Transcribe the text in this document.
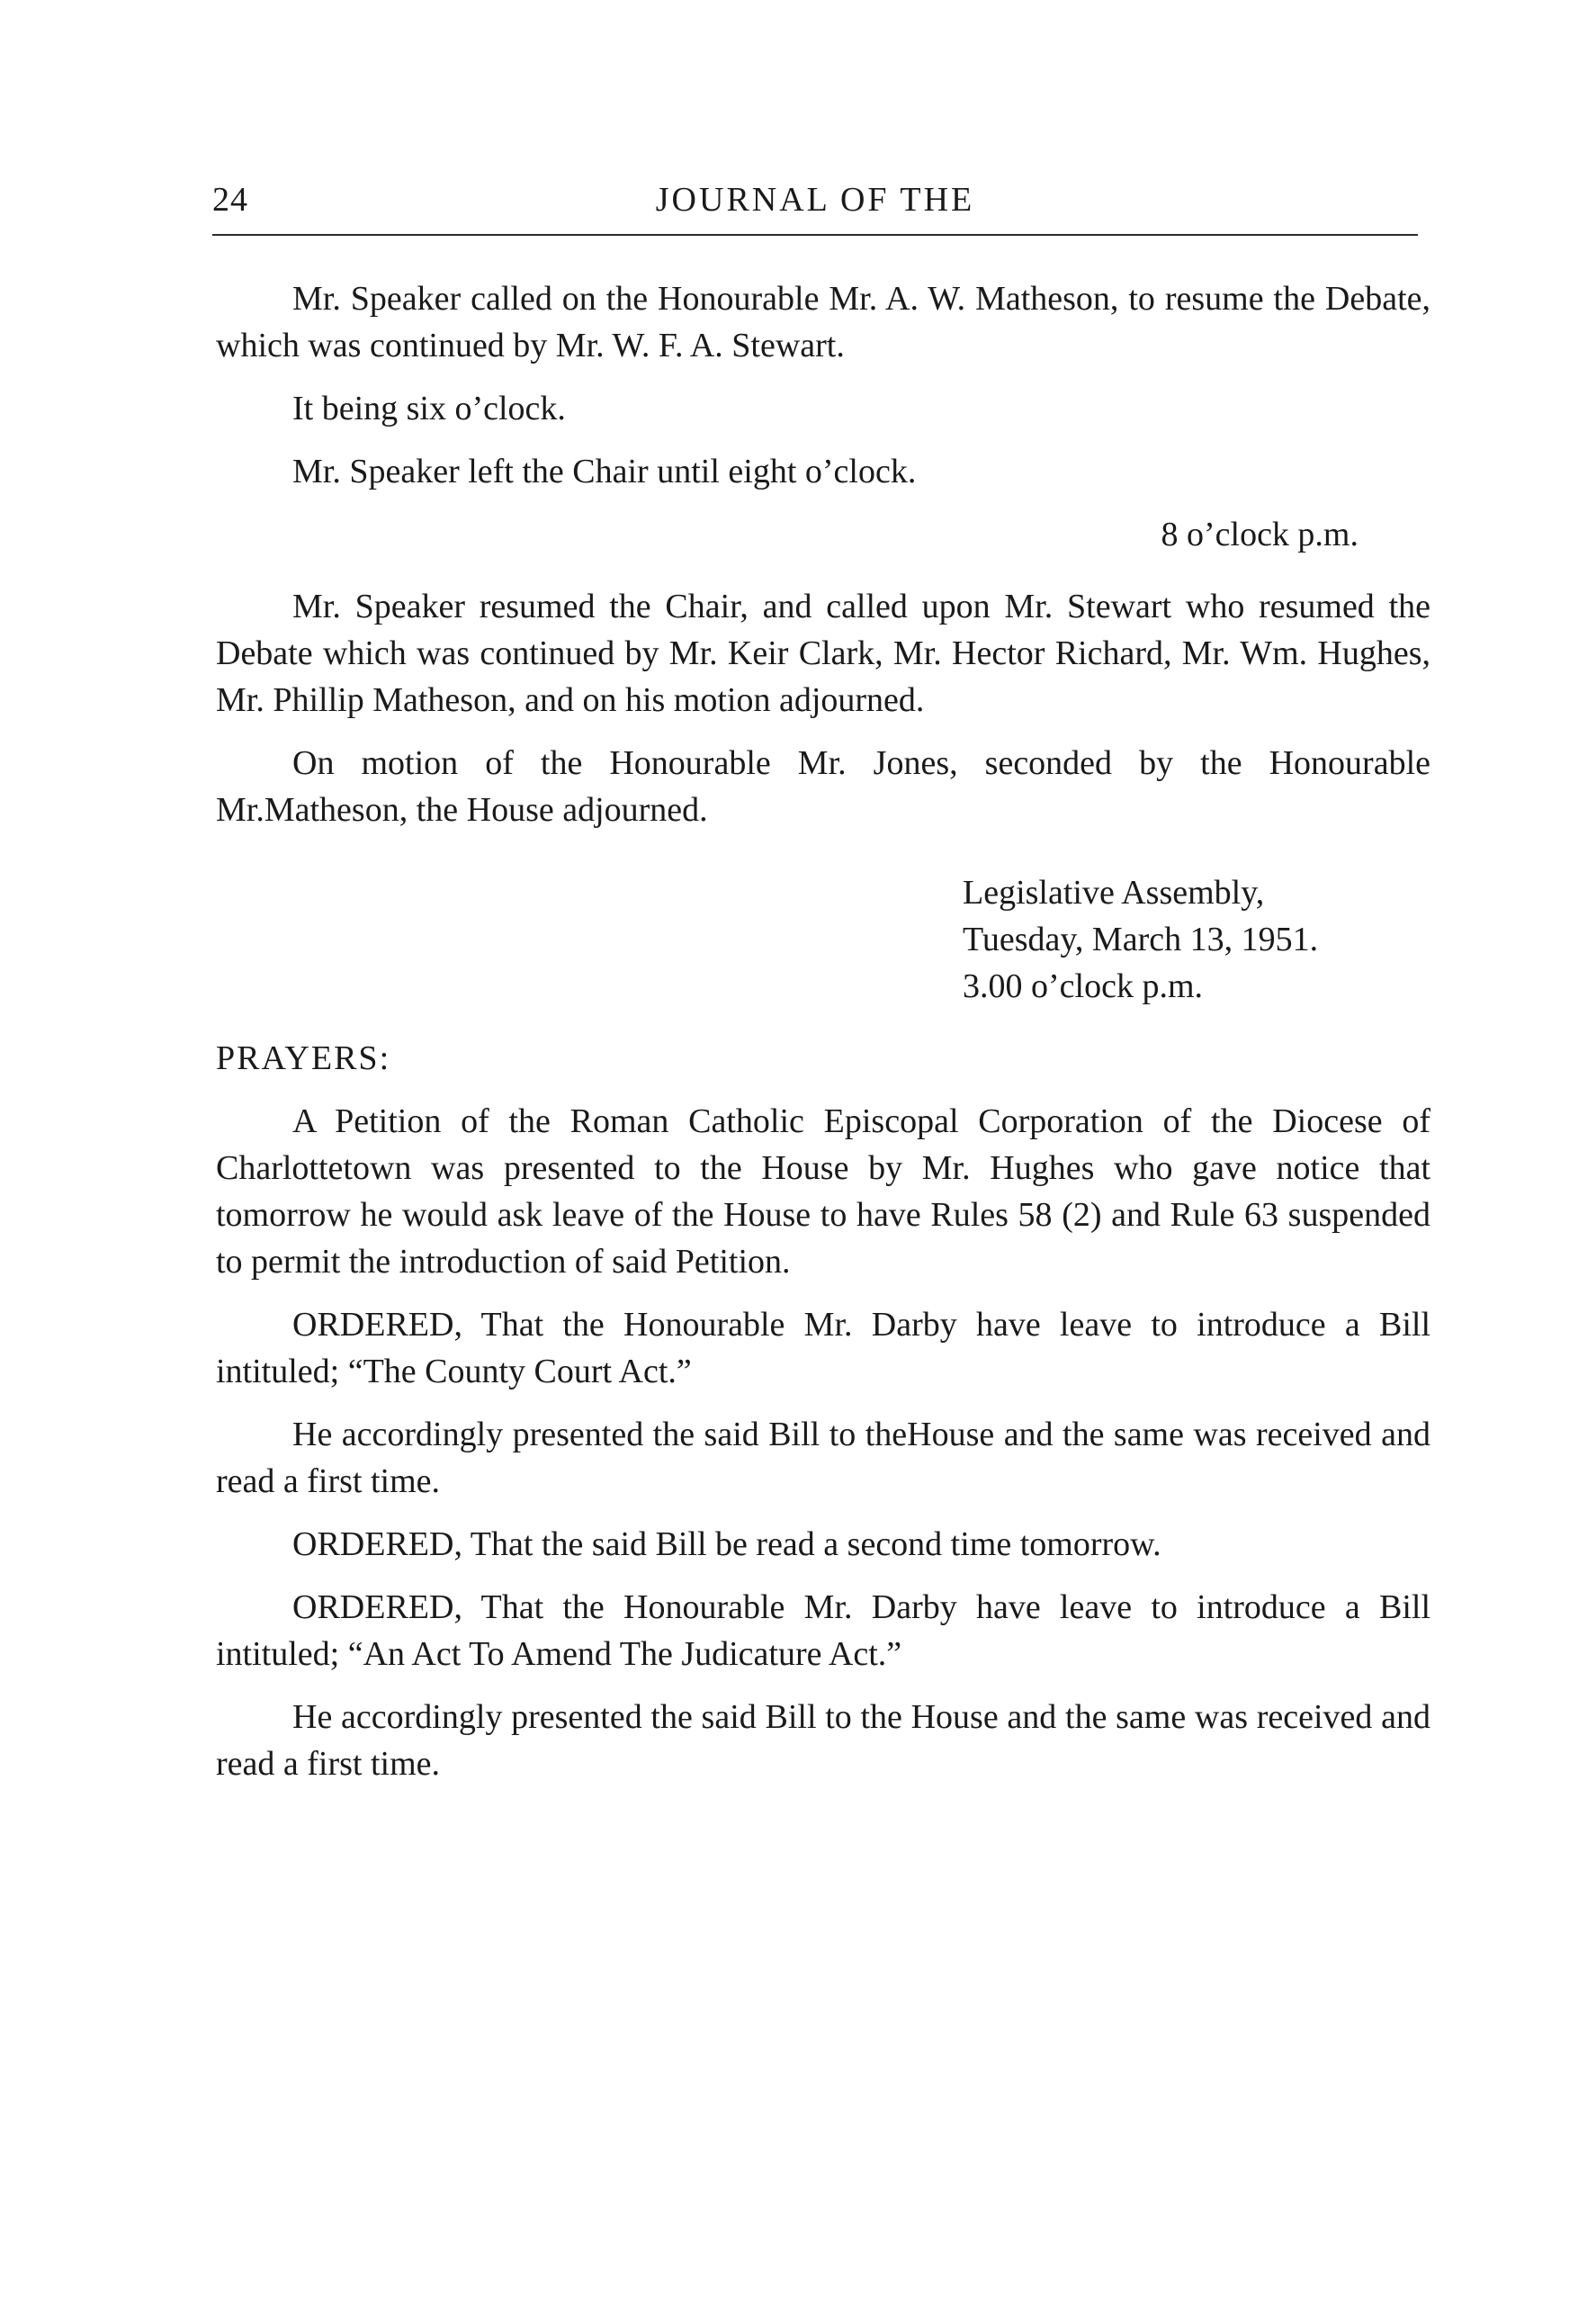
24	JOURNAL OF THE

Mr. Speaker called on the Honourable Mr. A. W. Matheson, to resume the Debate, which was continued by Mr. W. F. A. Stewart.

It being six o’clock.

Mr. Speaker left the Chair until eight o’clock.

8 o’clock p.m.

Mr. Speaker resumed the Chair, and called upon Mr. Stewart who resumed the Debate which was continued by Mr. Keir Clark, Mr. Hector Richard, Mr. Wm. Hughes, Mr. Phillip Matheson, and on his motion adjourned.

On motion of the Honourable Mr. Jones, seconded by the Honourable Mr.Matheson, the House adjourned.

Legislative Assembly,
Tuesday, March 13, 1951.
3.00 o’clock p.m.

PRAYERS:

A Petition of the Roman Catholic Episcopal Corporation of the Diocese of Charlottetown was presented to the House by Mr. Hughes who gave notice that tomorrow he would ask leave of the House to have Rules 58 (2) and Rule 63 suspended to permit the introduction of said Petition.

ORDERED, That the Honourable Mr. Darby have leave to introduce a Bill intituled; “The County Court Act.”

He accordingly presented the said Bill to theHouse and the same was received and read a first time.

ORDERED, That the said Bill be read a second time tomorrow.

ORDERED, That the Honourable Mr. Darby have leave to introduce a Bill intituled; “An Act To Amend The Judicature Act.”

He accordingly presented the said Bill to the House and the same was received and read a first time.
